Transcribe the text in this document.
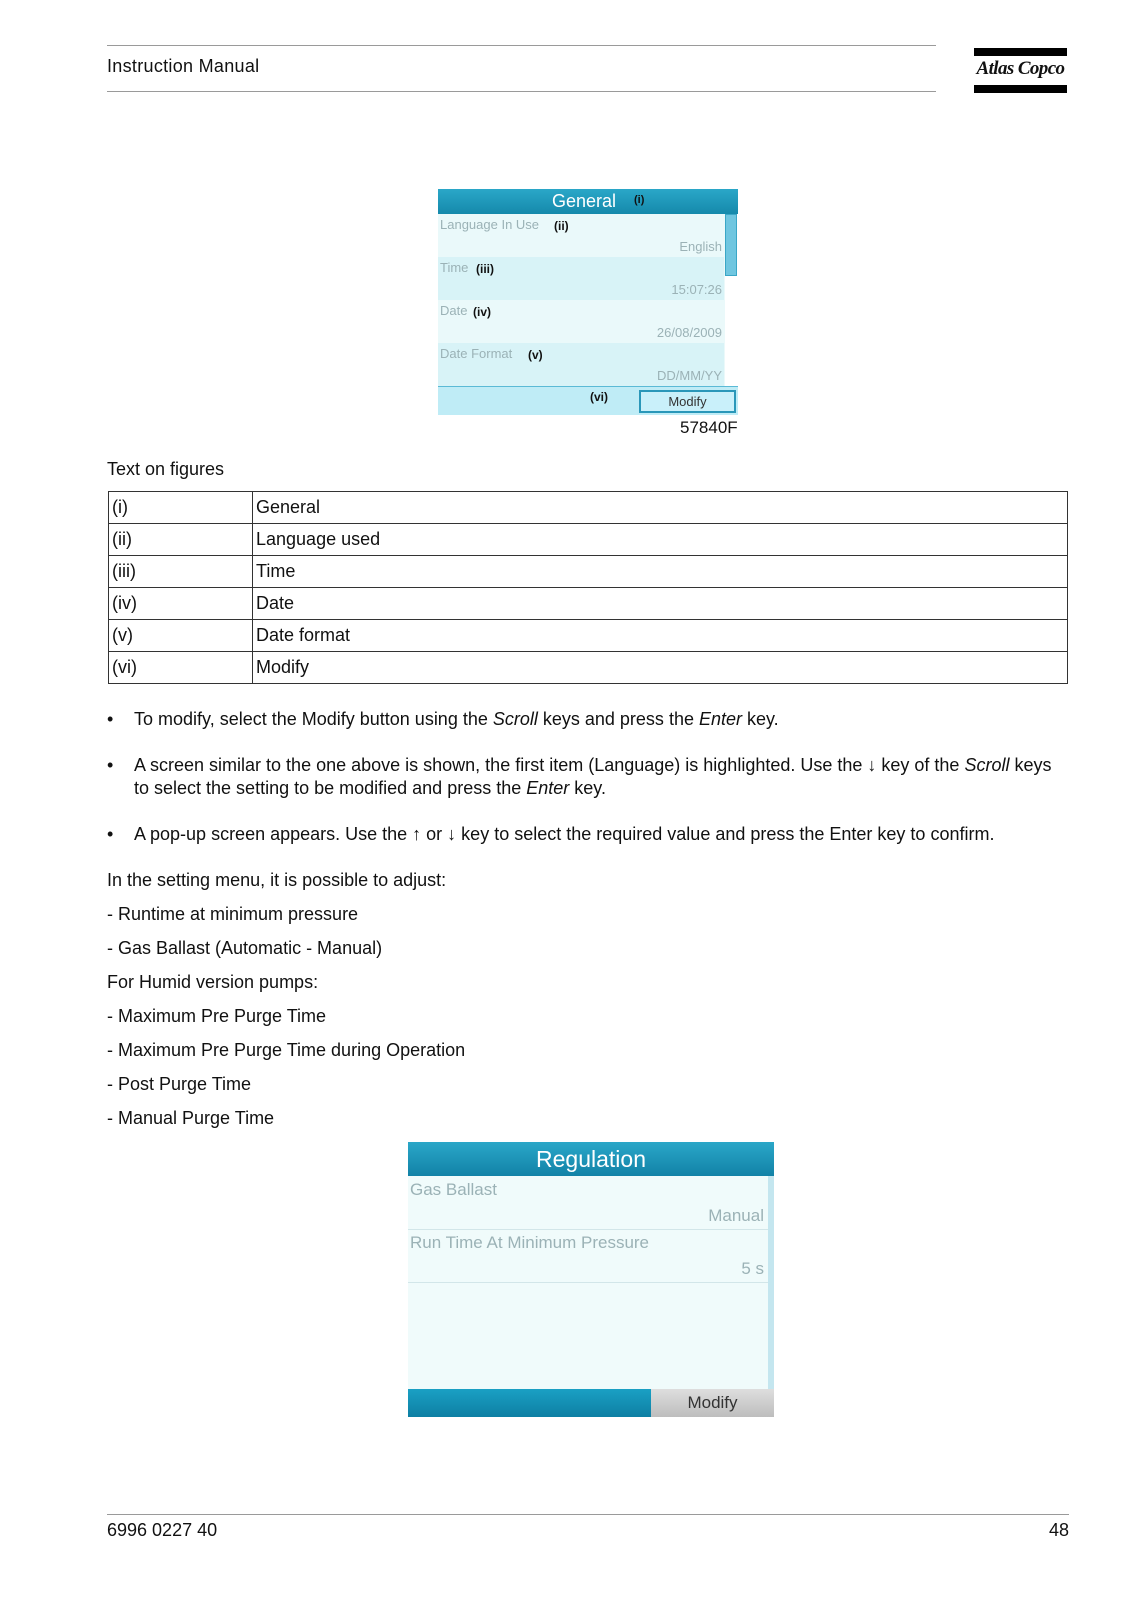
Instruction Manual	Atlas Copco
General (i)
Language In Use (ii)
English
Time (iii)
15:07:26
Date (iv)
26/08/2009
Date Format (v)
DD/MM/YY
(vi)	Modify
57840F
Text on figures
(i)	General
(ii)	Language used
(iii)	Time
(iv)	Date
(v)	Date format
(vi)	Modify
• To modify, select the Modify button using the Scroll keys and press the Enter key.
• A screen similar to the one above is shown, the first item (Language) is highlighted. Use the ↓ key of the Scroll keys to select the setting to be modified and press the Enter key.
• A pop-up screen appears. Use the ↑ or ↓ key to select the required value and press the Enter key to confirm.
In the setting menu, it is possible to adjust:
- Runtime at minimum pressure
- Gas Ballast (Automatic - Manual)
For Humid version pumps:
- Maximum Pre Purge Time
- Maximum Pre Purge Time during Operation
- Post Purge Time
- Manual Purge Time
Regulation
Gas Ballast
Manual
Run Time At Minimum Pressure
5 s
Modify
6996 0227 40	48
